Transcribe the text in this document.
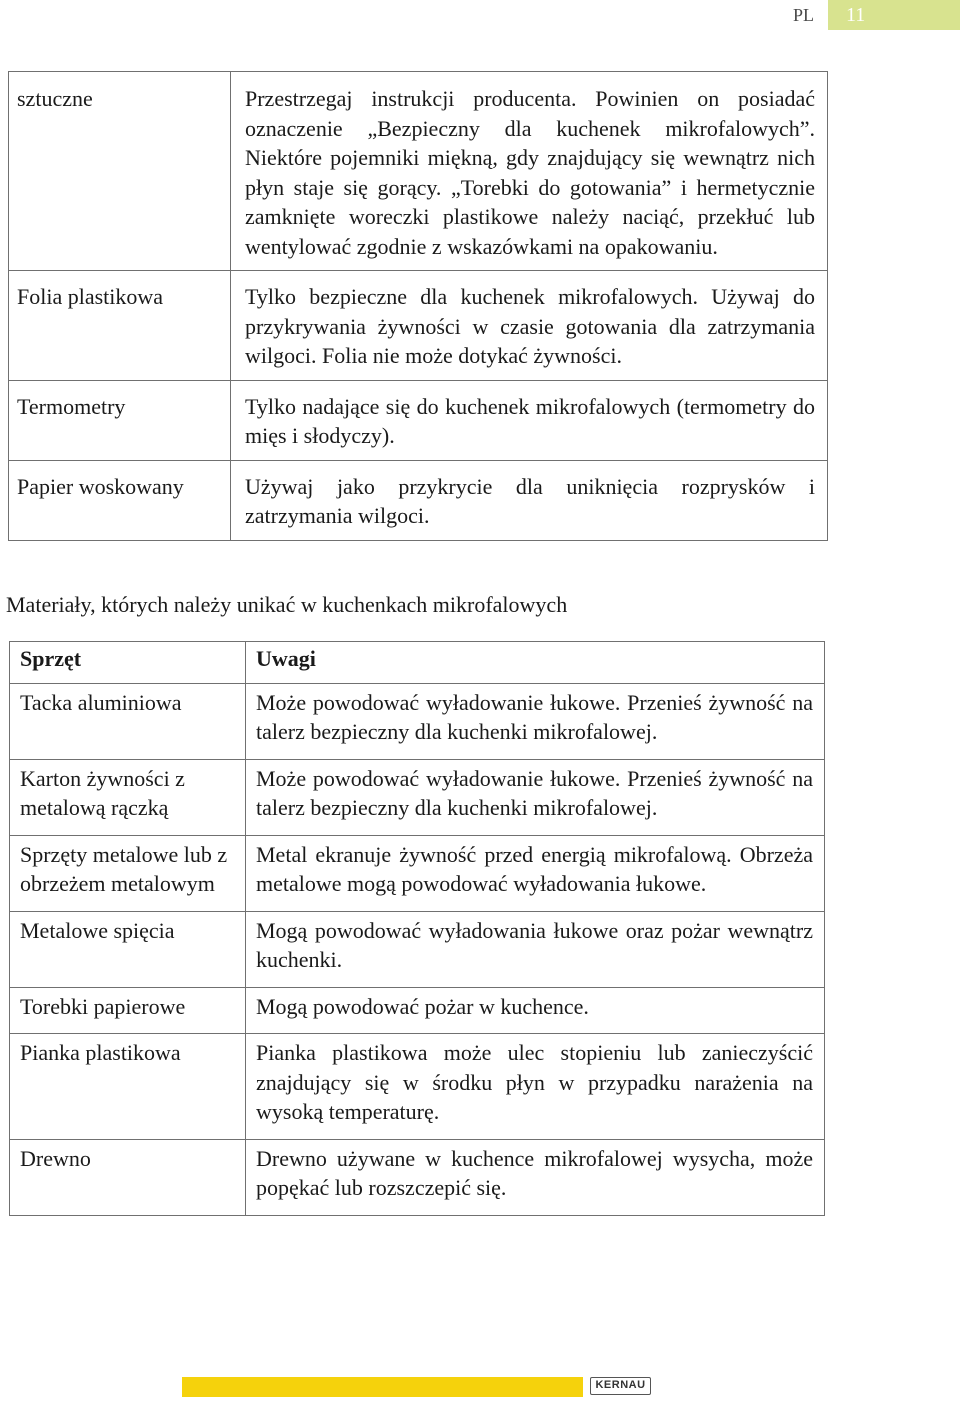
PL	11
sztuczne	Przestrzegaj instrukcji producenta. Powinien on posiadać oznaczenie „Bezpieczny dla kuchenek mikrofalowych”. Niektóre pojemniki miękną, gdy znajdujący się wewnątrz nich płyn staje się gorący. „Torebki do gotowania” i hermetycznie zamknięte woreczki plastikowe należy naciąć, przekłuć lub wentylować zgodnie z wskazówkami na opakowaniu.
Folia plastikowa	Tylko bezpieczne dla kuchenek mikrofalowych. Używaj do przykrywania żywności w czasie gotowania dla zatrzymania wilgoci. Folia nie może dotykać żywności.
Termometry	Tylko nadające się do kuchenek mikrofalowych (termometry do mięs i słodyczy).
Papier woskowany	Używaj jako przykrycie dla uniknięcia rozprysków i zatrzymania wilgoci.
Materiały, których należy unikać w kuchenkach mikrofalowych
Sprzęt	Uwagi
Tacka aluminiowa	Może powodować wyładowanie łukowe. Przenieś żywność na talerz bezpieczny dla kuchenki mikrofalowej.
Karton żywności z metalową rączką	Może powodować wyładowanie łukowe. Przenieś żywność na talerz bezpieczny dla kuchenki mikrofalowej.
Sprzęty metalowe lub z obrzeżem metalowym	Metal ekranuje żywność przed energią mikrofalową. Obrzeża metalowe mogą powodować wyładowania łukowe.
Metalowe spięcia	Mogą powodować wyładowania łukowe oraz pożar wewnątrz kuchenki.
Torebki papierowe	Mogą powodować pożar w kuchence.
Pianka plastikowa	Pianka plastikowa może ulec stopieniu lub zanieczyścić znajdujący się w środku płyn w przypadku narażenia na wysoką temperaturę.
Drewno	Drewno używane w kuchence mikrofalowej wysycha, może popękać lub rozszczepić się.
KERNAU
